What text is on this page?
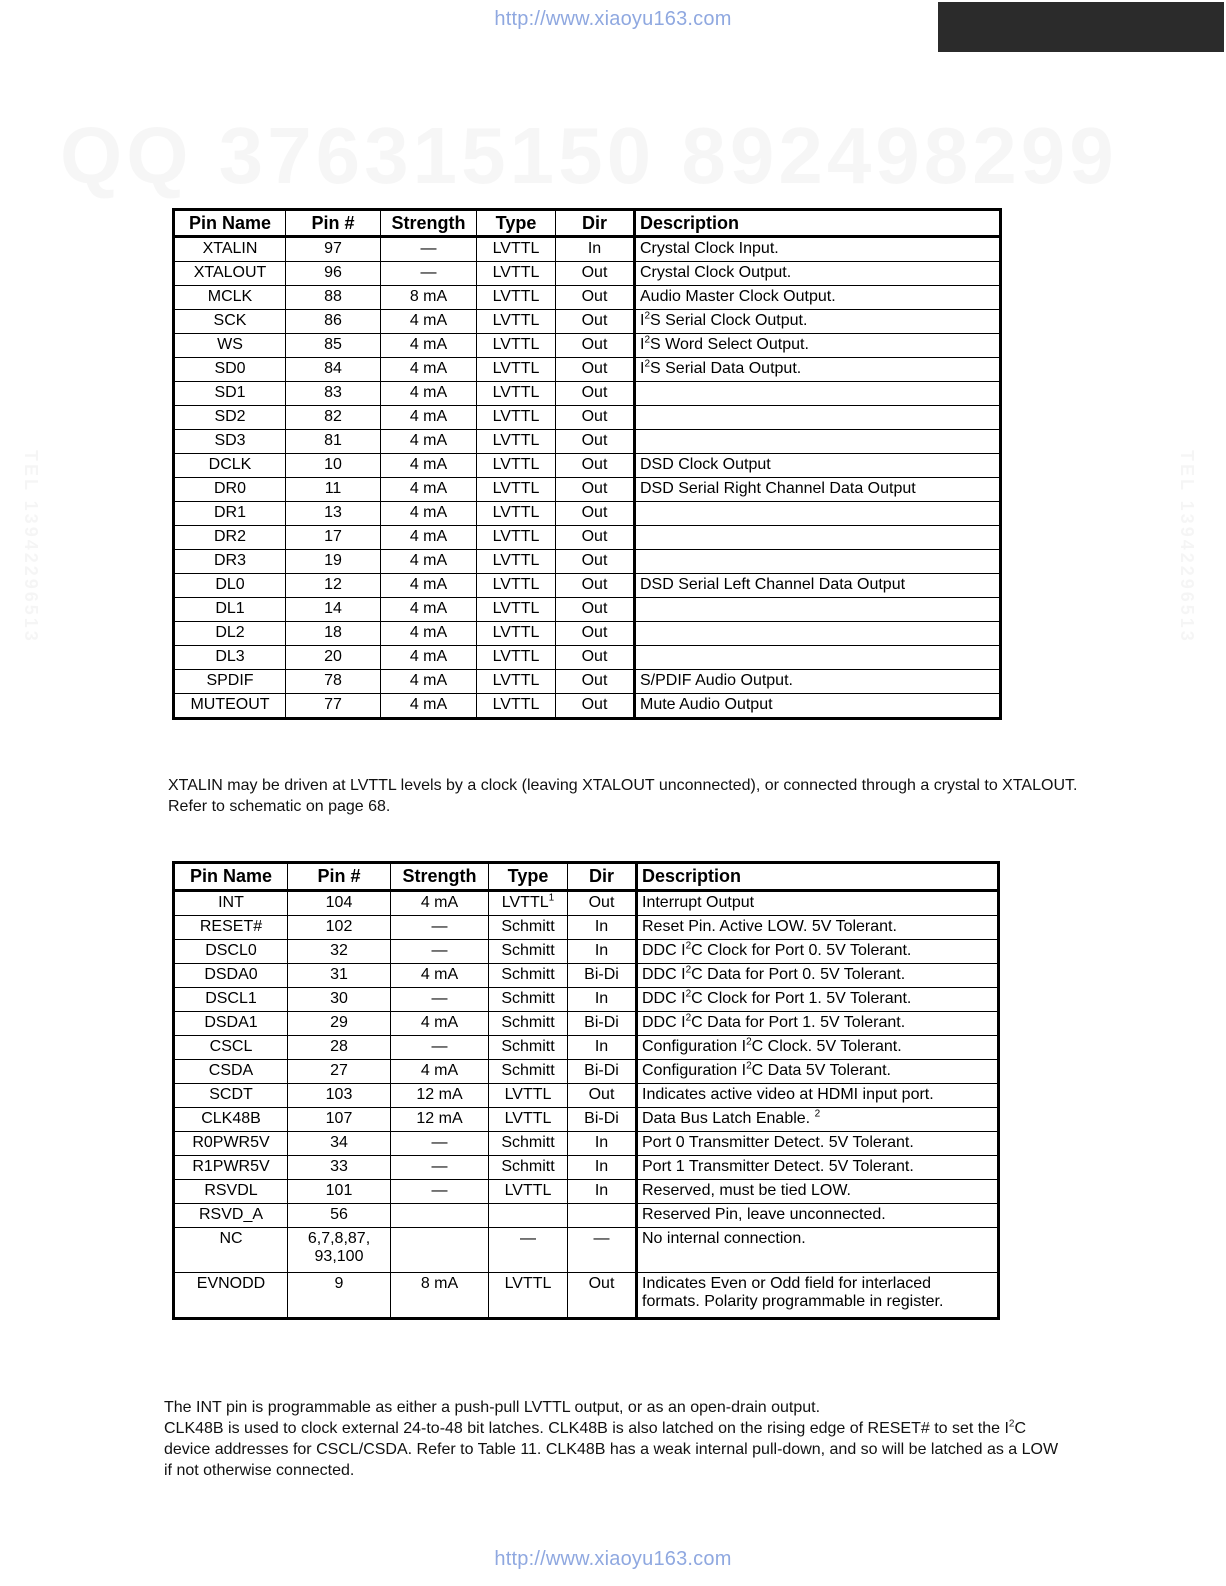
http://www.xiaoyu163.com
Pin Name	Pin #	Strength	Type	Dir	Description
XTALIN	97	—	LVTTL	In	Crystal Clock Input.
XTALOUT	96	—	LVTTL	Out	Crystal Clock Output.
MCLK	88	8 mA	LVTTL	Out	Audio Master Clock Output.
SCK	86	4 mA	LVTTL	Out	$I^2S$ Serial Clock Output.
WS	85	4 mA	LVTTL	Out	$I^2S$ Word Select Output.
SD0	84	4 mA	LVTTL	Out	$I^2S$ Serial Data Output.
SD1	83	4 mA	LVTTL	Out	
SD2	82	4 mA	LVTTL	Out	
SD3	81	4 mA	LVTTL	Out	
DCLK	10	4 mA	LVTTL	Out	DSD Clock Output
DR0	11	4 mA	LVTTL	Out	DSD Serial Right Channel Data Output
DR1	13	4 mA	LVTTL	Out	
DR2	17	4 mA	LVTTL	Out	
DR3	19	4 mA	LVTTL	Out	
DL0	12	4 mA	LVTTL	Out	DSD Serial Left Channel Data Output
DL1	14	4 mA	LVTTL	Out	
DL2	18	4 mA	LVTTL	Out	
DL3	20	4 mA	LVTTL	Out	
SPDIF	78	4 mA	LVTTL	Out	S/PDIF Audio Output.
MUTEOUT	77	4 mA	LVTTL	Out	Mute Audio Output

XTALIN may be driven at LVTTL levels by a clock (leaving XTALOUT unconnected), or connected through a crystal to XTALOUT. Refer to schematic on page 68.

Pin Name	Pin #	Strength	Type	Dir	Description
INT	104	4 mA	LVTTL$^1$	Out	Interrupt Output
RESET#	102	—	Schmitt	In	Reset Pin. Active LOW. 5V Tolerant.
DSCL0	32	—	Schmitt	In	DDC $I^2C$ Clock for Port 0. 5V Tolerant.
DSDA0	31	4 mA	Schmitt	Bi-Di	DDC $I^2C$ Data for Port 0. 5V Tolerant.
DSCL1	30	—	Schmitt	In	DDC $I^2C$ Clock for Port 1. 5V Tolerant.
DSDA1	29	4 mA	Schmitt	Bi-Di	DDC $I^2C$ Data for Port 1. 5V Tolerant.
CSCL	28	—	Schmitt	In	Configuration $I^2C$ Clock. 5V Tolerant.
CSDA	27	4 mA	Schmitt	Bi-Di	Configuration $I^2C$ Data 5V Tolerant.
SCDT	103	12 mA	LVTTL	Out	Indicates active video at HDMI input port.
CLK48B	107	12 mA	LVTTL	Bi-Di	Data Bus Latch Enable. $^2$
R0PWR5V	34	—	Schmitt	In	Port 0 Transmitter Detect. 5V Tolerant.
R1PWR5V	33	—	Schmitt	In	Port 1 Transmitter Detect. 5V Tolerant.
RSVDL	101	—	LVTTL	In	Reserved, must be tied LOW.
RSVD_A	56				Reserved Pin, leave unconnected.
NC	6,7,8,87, 93,100		—	—	No internal connection.
EVNODD	9	8 mA	LVTTL	Out	Indicates Even or Odd field for interlaced formats. Polarity programmable in register.

The INT pin is programmable as either a push-pull LVTTL output, or as an open-drain output.

CLK48B is used to clock external 24-to-48 bit latches. CLK48B is also latched on the rising edge of RESET# to set the $I^2C$ device addresses for CSCL/CSDA. Refer to Table 11. CLK48B has a weak internal pull-down, and so will be latched as a LOW if not otherwise connected.

http://www.xiaoyu163.com
